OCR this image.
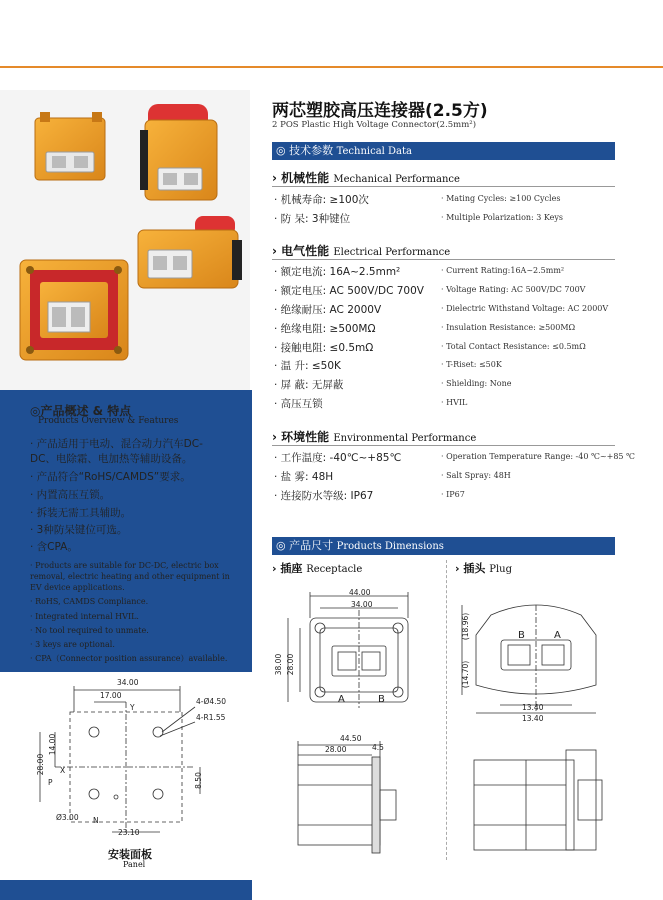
两芯塑胶高压连接器(2.5方)
2 POS Plastic High Voltage Connector(2.5mm²)
◎ 技术参数 Technical Data
› 机械性能 Mechanical Performance
· 机械寿命: ≥100次	· Mating Cycles: ≥100 Cycles
· 防 呆: 3种键位	· Multiple Polarization: 3 Keys
› 电气性能 Electrical Performance
· 额定电流: 16A~2.5mm²	· Current Rating:16A~2.5mm²
· 额定电压: AC 500V/DC 700V · Voltage Rating: AC 500V/DC 700V
· 绝缘耐压: AC 2000V	· Dielectric Withstand Voltage: AC 2000V
· 绝缘电阻: ≥500MΩ	· Insulation Resistance: ≥500MΩ
· 接触电阻: ≤0.5mΩ	· Total Contact Resistance: ≤0.5mΩ
· 温 升: ≤50K	· T-Riset: ≤50K
· 屏 蔽: 无屏蔽	· Shielding: None
· 高压互锁	· HVIL
› 环境性能 Environmental Performance
· 工作温度: -40℃~+85℃	· Operation Temperature Range: -40 ℃~+85 ℃
· 盐 雾: 48H	· Salt Spray: 48H
· 连接防水等级: IP67	· IP67
◎产品概述 & 特点
Products Overview & Features
· 产品适用于电动、混合动力汽车DC-
DC、电除霜、电加热等辅助设备。
· 产品符合“RoHS/CAMDS”要求。
· 内置高压互锁。
· 拆装无需工具辅助。
· 3种防呆键位可选。
· 含CPA。
· Products are suitable for DC-DC, electric box removal, electric heating and other equipment in EV device applications.
· RoHS, CAMDS Compliance.
· Integrated internal HVIL.
· No tool required to unmate.
· 3 keys are optional.
· CPA（Connector position assurance）available.
34.00
17.00
4-Ø4.50
4-R1.55
Y
X
P
N
28.00
14.00
8.50
Ø3.00
23.10
安装面板
Panel
◎ 产品尺寸 Products Dimensions
› 插座 Receptacle	› 插头 Plug
44.00
34.00
38.00 28.00
A	B
44.50
28.00	4.5
(18.96)
(14.70)
13.40
13.40
B	A
